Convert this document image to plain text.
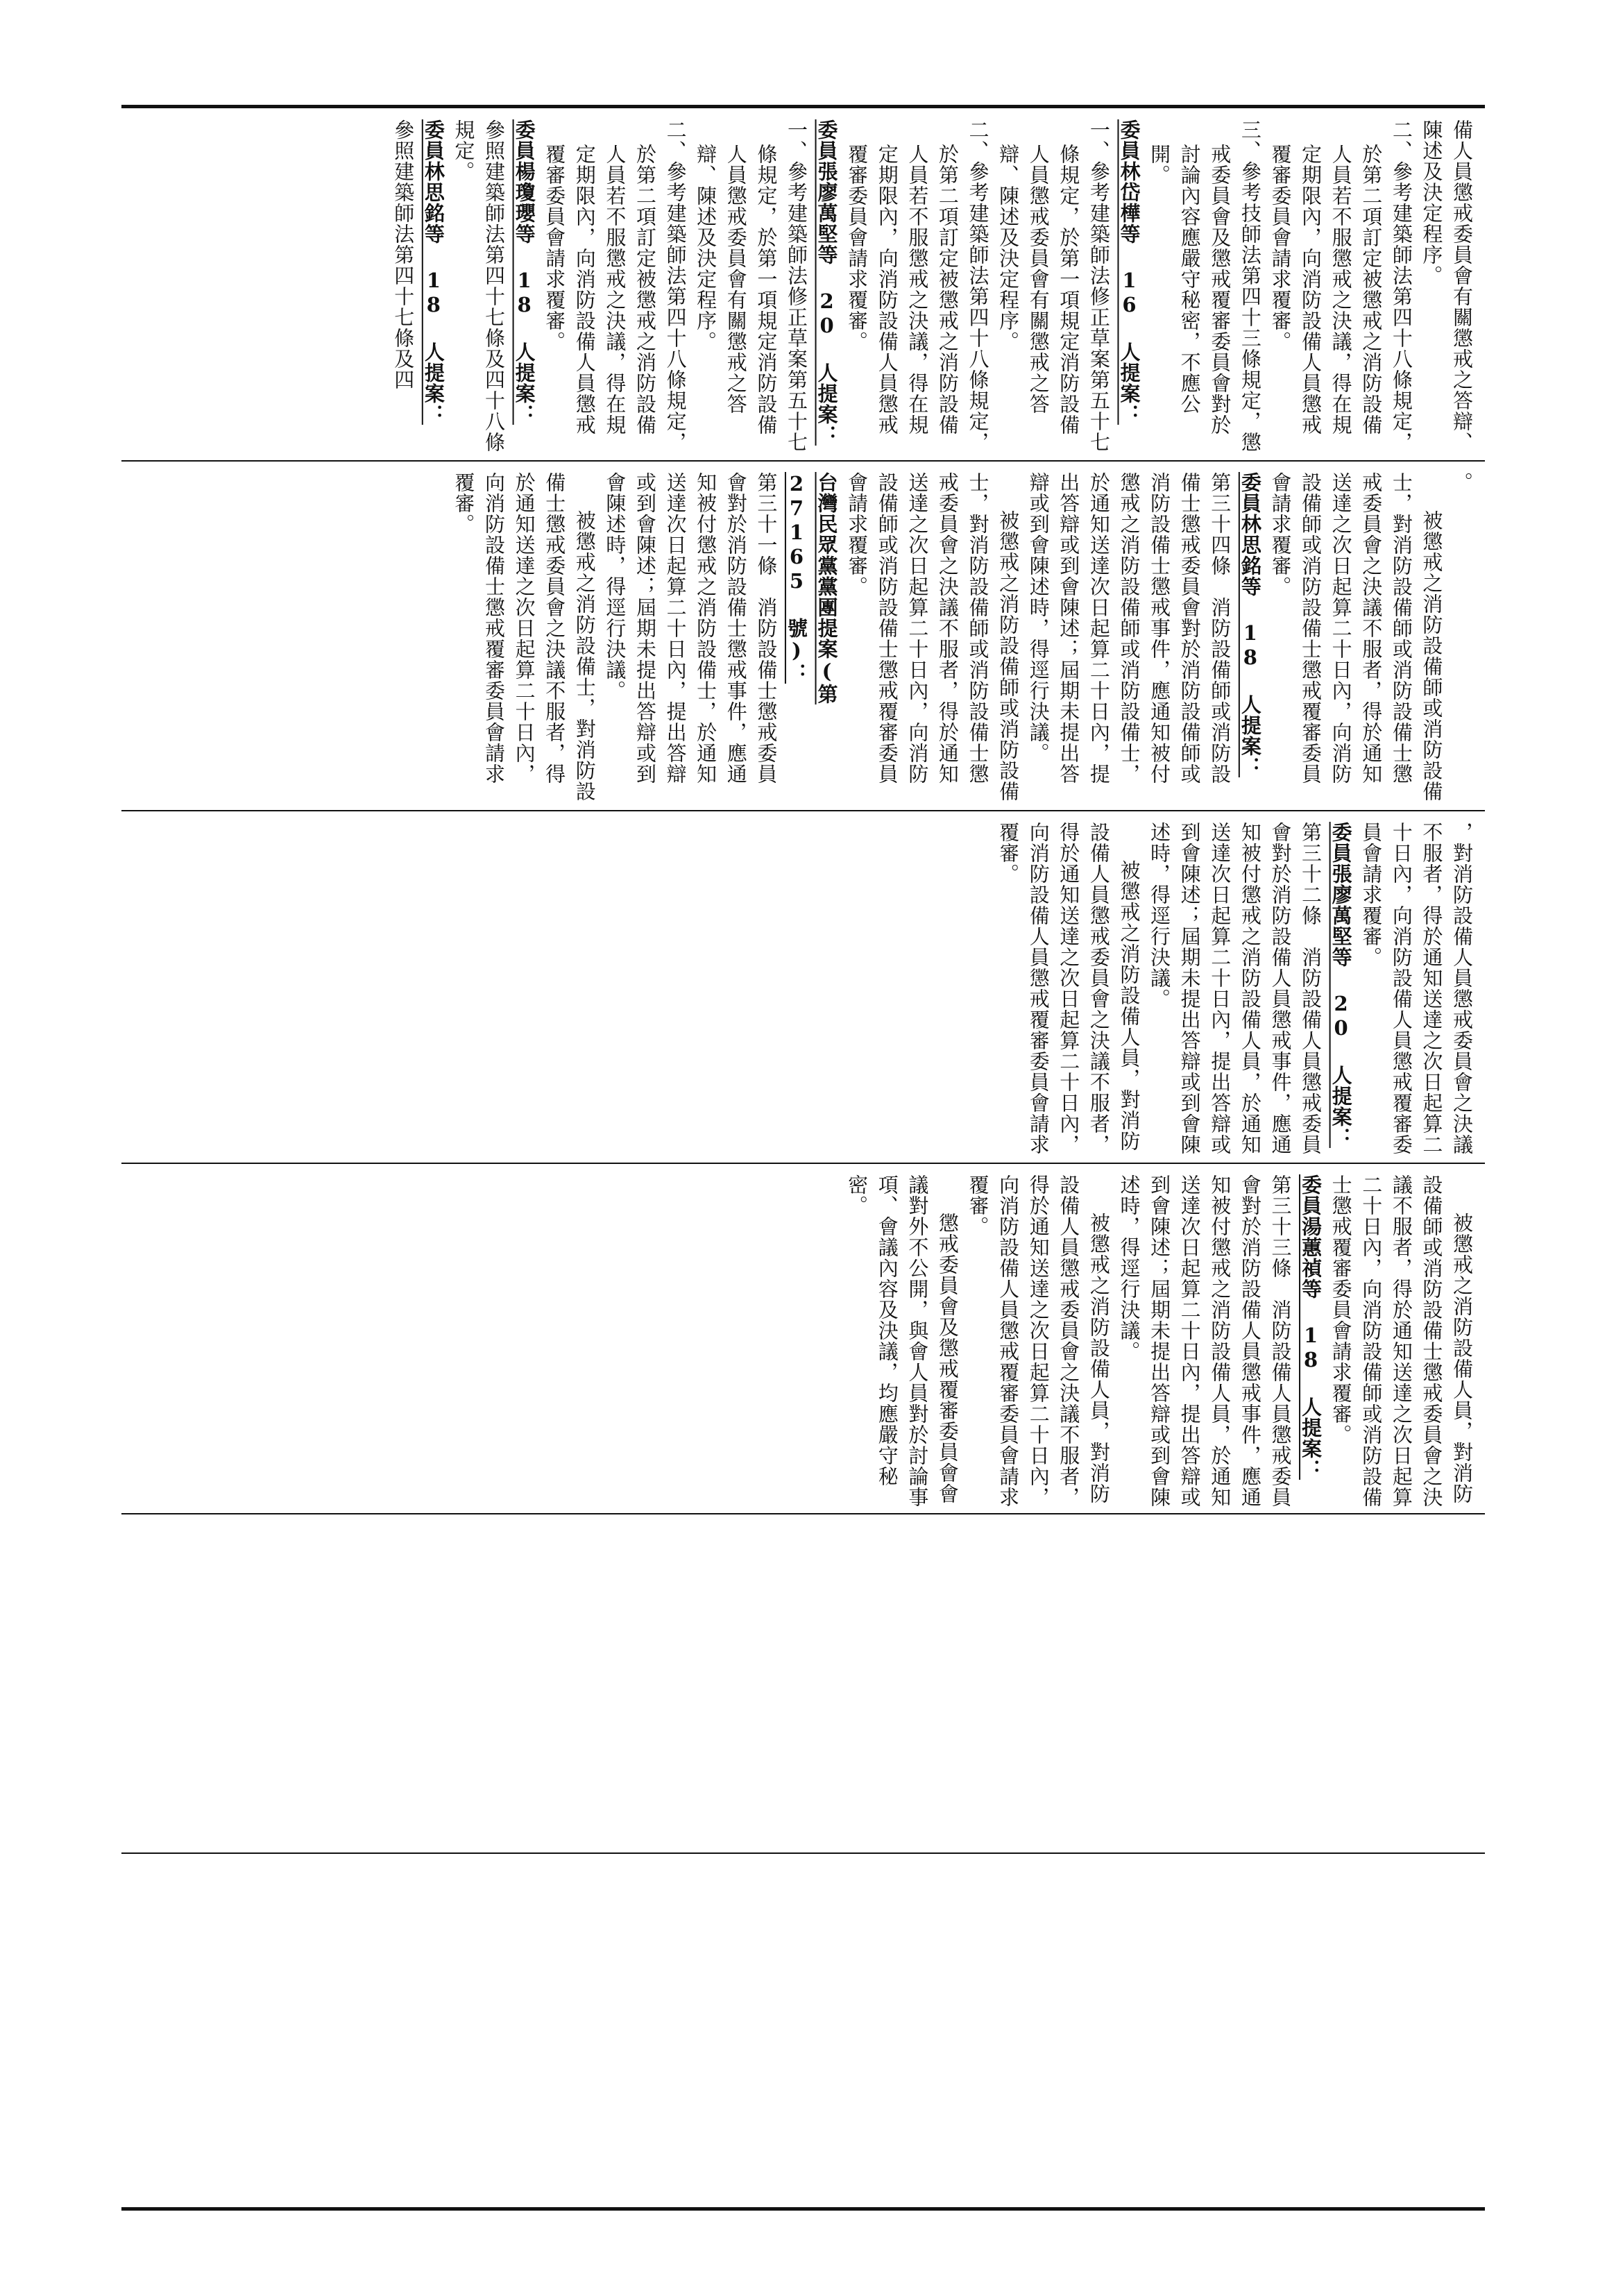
備人員懲戒委員會有關懲戒之答辯、陳述及決定程序。

二、參考建築師法第四十八條規定，於第二項訂定被懲戒之消防設備人員若不服懲戒之決議，得在規定期限內，向消防設備人員懲戒覆審委員會請求覆審。

三、參考技師法第四十三條規定，懲戒委員會及懲戒覆審委員會對於討論內容應嚴守秘密，不應公開。

委員林岱樺等 16 人提案：

一、參考建築師法修正草案第五十七條規定，於第一項規定消防設備人員懲戒委員會有關懲戒之答辯、陳述及決定程序。

二、參考建築師法第四十八條規定，於第二項訂定被懲戒之消防設備人員若不服懲戒之決議，得在規定期限內，向消防設備人員懲戒覆審委員會請求覆審。

委員張廖萬堅等 20 人提案：

一、參考建築師法修正草案第五十七條規定，於第一項規定消防設備人員懲戒委員會有關懲戒之答辯、陳述及決定程序。

二、參考建築師法第四十八條規定，於第二項訂定被懲戒之消防設備人員若不服懲戒之決議，得在規定期限內，向消防設備人員懲戒覆審委員會請求覆審。

委員楊瓊瓔等 18 人提案：

參照建築師法第四十七條及四十八條規定。

委員林思銘等 18 人提案：

參照建築師法第四十七條及四

。

被懲戒之消防設備師或消防設備士，對消防設備師或消防設備士懲戒委員會之決議不服者，得於通知送達之次日起算二十日內，向消防設備師或消防設備士懲戒覆審委員會請求覆審。

委員林思銘等 18 人提案：

第三十四條　消防設備師或消防設備士懲戒委員會對於消防設備師或消防設備士懲戒事件，應通知被付懲戒之消防設備師或消防設備士，於通知送達次日起算二十日內，提出答辯或到會陳述；屆期未提出答辯或到會陳述時，得逕行決議。

被懲戒之消防設備師或消防設備士，對消防設備師或消防設備士懲戒委員會之決議不服者，得於通知送達之次日起算二十日內，向消防設備師或消防設備士懲戒覆審委員會請求覆審。

台灣民眾黨黨團提案(第 27165 號)：

第三十一條　消防設備士懲戒委員會對於消防設備士懲戒事件，應通知被付懲戒之消防設備士，於通知送達次日起算二十日內，提出答辯或到會陳述；屆期未提出答辯或到會陳述時，得逕行決議。

被懲戒之消防設備士，對消防設備士懲戒委員會之決議不服者，得於通知送達之次日起算二十日內，向消防設備士懲戒覆審委員會請求覆審。

，對消防設備人員懲戒委員會之決議不服者，得於通知送達之次日起算二十日內，向消防設備人員懲戒覆審委員會請求覆審。

委員張廖萬堅等 20 人提案：

第三十二條　消防設備人員懲戒委員會對於消防設備人員懲戒事件，應通知被付懲戒之消防設備人員，於通知送達次日起算二十日內，提出答辯或到會陳述；屆期未提出答辯或到會陳述時，得逕行決議。

被懲戒之消防設備人員，對消防設備人員懲戒委員會之決議不服者，得於通知送達之次日起算二十日內，向消防設備人員懲戒覆審委員會請求覆審。

被懲戒之消防設備人員，對消防設備師或消防設備士懲戒委員會之決議不服者，得於通知送達之次日起算二十日內，向消防設備師或消防設備士懲戒覆審委員會請求覆審。

委員湯蕙禎等 18 人提案：

第三十三條　消防設備人員懲戒委員會對於消防設備人員懲戒事件，應通知被付懲戒之消防設備人員，於通知送達次日起算二十日內，提出答辯或到會陳述；屆期未提出答辯或到會陳述時，得逕行決議。

被懲戒之消防設備人員，對消防設備人員懲戒委員會之決議不服者，得於通知送達之次日起算二十日內，向消防設備人員懲戒覆審委員會請求覆審。

懲戒委員會及懲戒覆審委員會會議對外不公開，與會人員對於討論事項、會議內容及決議，均應嚴守秘密。
